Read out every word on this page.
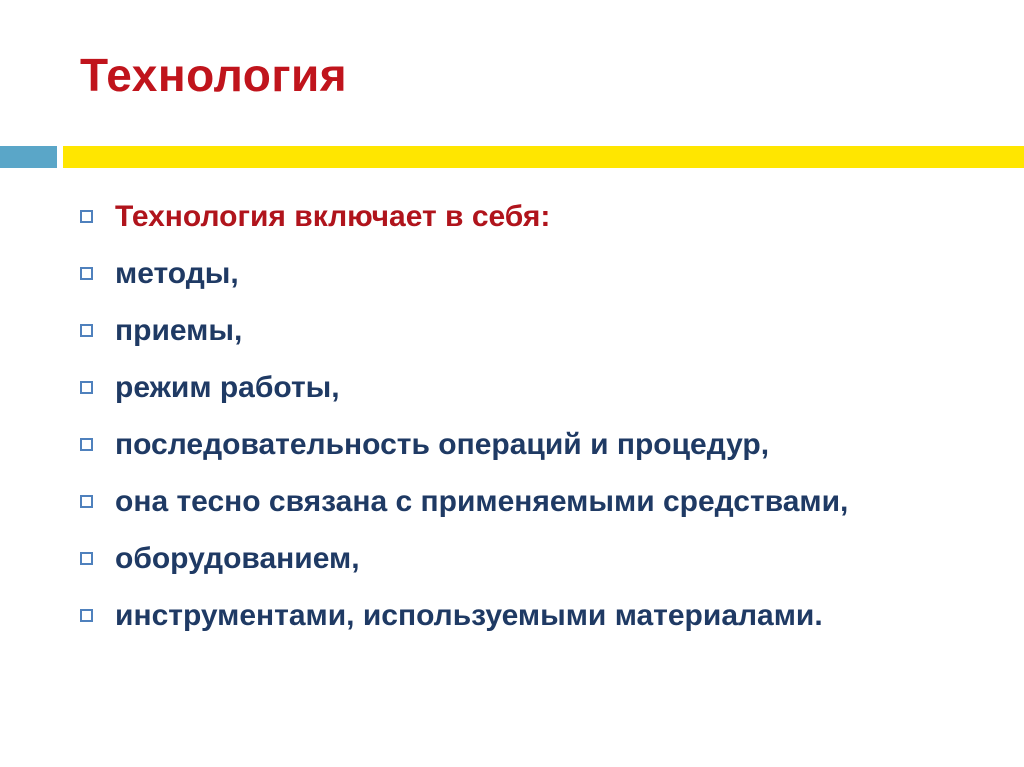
Технология
Технология включает в себя:
методы,
приемы,
режим работы,
последовательность операций и процедур,
она тесно связана с применяемыми средствами,
оборудованием,
инструментами, используемыми материалами.
